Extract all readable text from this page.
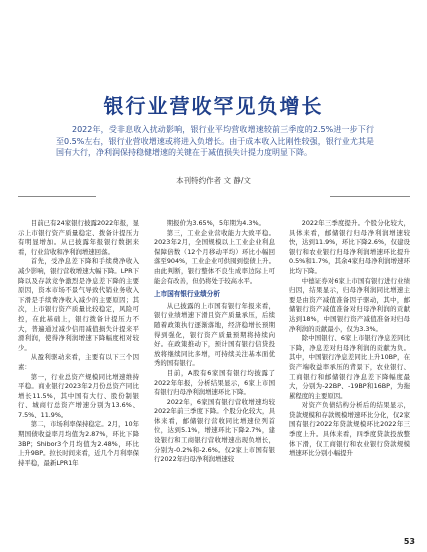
银行业营收罕见负增长
2022年，受非息收入扰动影响，银行业平均营收增速较前三季度的2.5%进一步下行至0.5%左右，银行业营收增速或将进入负增长。由于成本收入比刚性较强，银行业尤其是国有大行，净利润保持稳健增速的关键在于减值损失计提力度明显下降。
本刊特约作者 文 静/文

目前已有24家银行披露2022年报，显示上市银行资产质量稳定、拨备计提压力有明显增加。从已披露年报银行数据来看，行业营收和净利润增速回落。

首先，受净息差下降和手续费净收入减少影响，银行营收增速大幅下降。LPR下降以及存款竞争激烈是净息差下降的主要原因，资本市场不景气导致代销业务收入下滑是手续费净收入减少的主要原因；其次，上市银行资产质量比较稳定，风险可控，在此基础上，银行拨备计提压力不大，普遍通过减少信用减值损失计提来平滑利润，使得净利润增速下降幅度相对较少。

从盈利驱动来看，主要有以下三个因素：

第一，行业总资产规模同比增速维持平稳。商业银行2023年2月份总资产同比增长11.5%，其中国有大行、股份制银行、城商行总资产增速分别为13.6%、7.5%、11.9%。

第二，市场利率保持稳定。2月，10年期国债收益率月均值为2.87%，环比下降3BP；Shibor3个月均值为2.48%，环比上升9BP。拉长时间来看，近几个月利率保持平稳，最新LPR1年

期报价为3.65%，5年期为4.3%。

第三，工业企业营收能力大致平稳。2023年2月，全国规模以上工业企业利息保障倍数（12个月移动平均）环比小幅回落至904%，工业企业可供囤到偿债上升。由此判断，银行整体不良生成率边际上可能会有改善，但仍将处于较高水平。

上市国有银行业绩分析

从已披露的上市国有银行年报来看，银行业绩增速下滑且资产质量承压，后续随着政策执行逐渐落地，经济稳增长预期得到强化，银行资产质量预期将持续向好。在政策推动下，预计国有银行信贷投放将继续同比多增，可持续关注基本面优秀的国有银行。

目前，A股有6家国有银行均披露了2022年年报，分析结果显示，6家上市国有银行归母净利润增速环比下降。

2022年，6家国有银行营收增速均较2022年前三季度下降。个股分化较大，具体来看，邮储银行营收同比增速位列首位，达到5.1%，增速环比下降2.7%，建设银行和工商银行营收增速出现负增长，分别为-0.2%和-2.6%。仅2家上市国有银行2022年归母净利润增速较

2022年三季度提升。个股分化较大，具体来看，邮储银行归母净利润增速较快，达到11.9%，环比下降2.6%，仅建设银行和农业银行归母净利润增速环比提升0.5%和1.7%，其余4家归母净利润增速环比均下降。

中德证券对6家上市国有银行进行业绩归因，结果显示，归母净利润同比增速主要是由资产减值准备因子驱动，其中，邮储银行资产减值准备对归母净利润的贡献达到18%，中国银行资产减值准备对归母净利润的贡献最小，仅为3.3%。

除中国银行、6家上市银行净息差同比下降，净息差对归母净利润的贡献为负。其中，中国银行净息差同比上升10BP，在资产端收益率承压的背景下，农业银行、工商银行和邮储银行净息差下降幅度最大，分别为-22BP、-19BP和16BP，为拖累程度的主要原因。

对资产负债结构分析后的结果显示，贷款规模和存款规模增速环比分化，仅2家国有银行2022年贷款规模环比2022年三季度上升。具体来看，四季度贷款投放整体下滑，仅工商银行和农业银行贷款规模增速环比分别小幅提升

53
